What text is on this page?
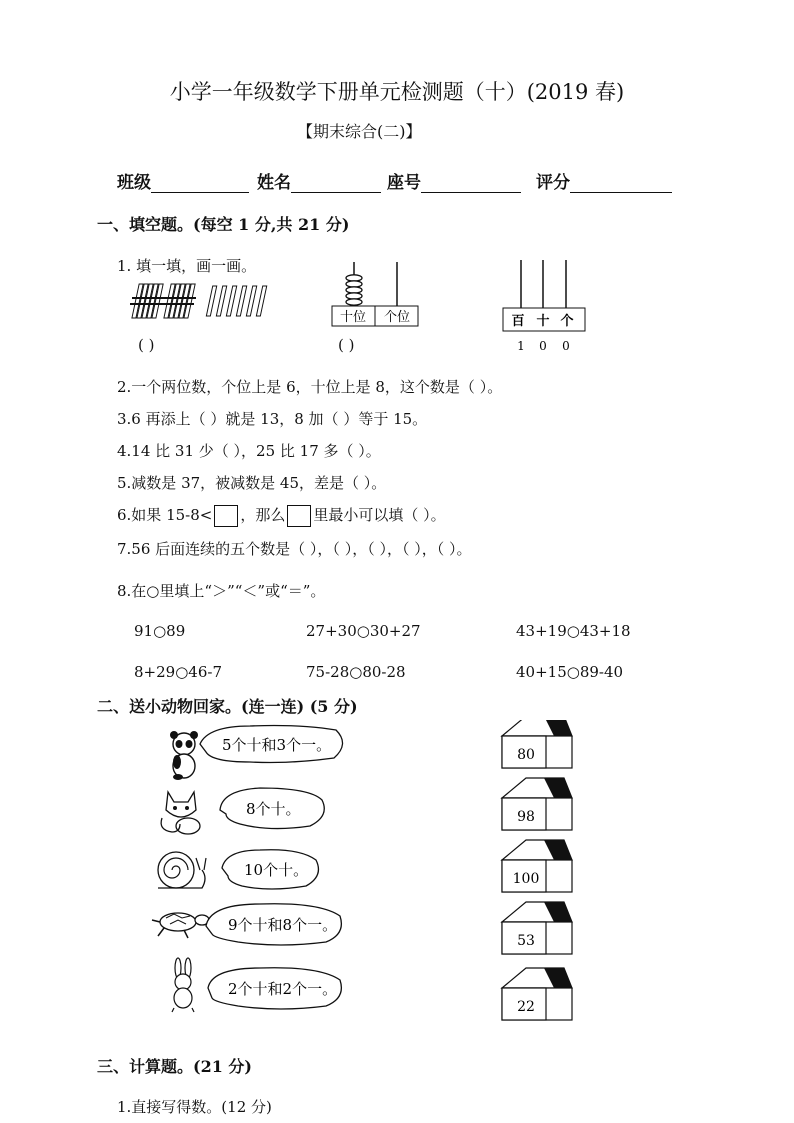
小学一年级数学下册单元检测题（十）(2019 春)
【期末综合(二)】
班级	姓名	座号	评分
一、填空题。(每空 1 分,共 21 分)
1. 填一填，画一画。
( )
十位 个位
( )
百 十 个
1 0 0
2.一个两位数，个位上是 6，十位上是 8，这个数是（ ）。
3.6 再添上（ ）就是 13，8 加（ ）等于 15。
4.14 比 31 少（ ），25 比 17 多（ ）。
5.减数是 37，被减数是 45，差是（ ）。
6.如果 15-8< ，那么 里最小可以填（ ）。
7.56 后面连续的五个数是（ ），（ ），（ ），（ ），（ ）。
8.在○里填上“＞”“＜”或“＝”。
91○89	27+30○30+27	43+19○43+18
8+29○46-7	75-28○80-28	40+15○89-40
二、送小动物回家。(连一连) (5 分)
5个十和3个一。
8个十。
10个十。
9个十和8个一。
2个十和2个一。
80
98
100
53
22
三、计算题。(21 分)
1.直接写得数。(12 分)
